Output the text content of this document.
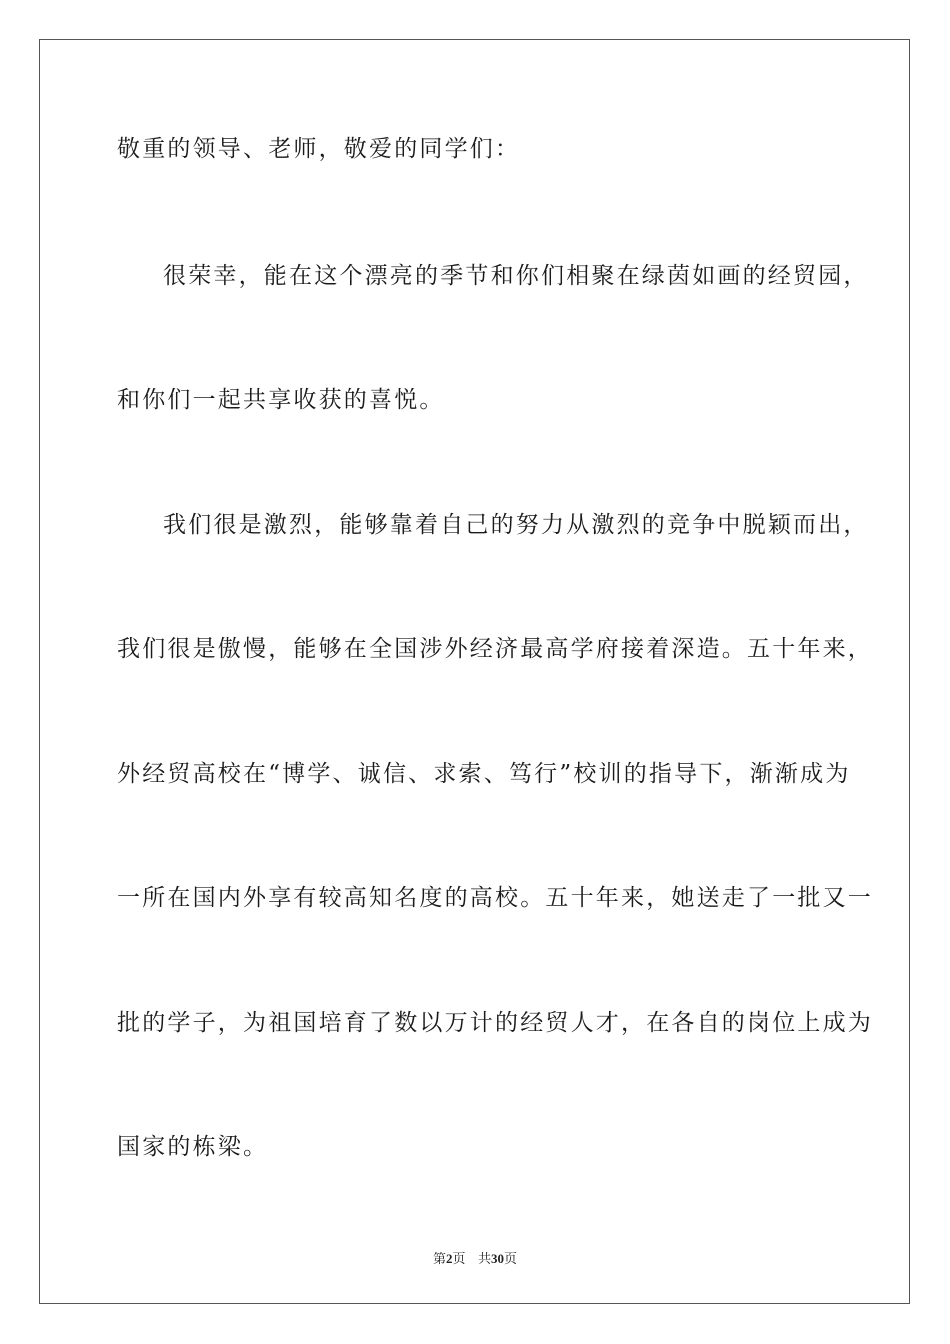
敬重的领导、老师，敬爱的同学们：
很荣幸，能在这个漂亮的季节和你们相聚在绿茵如画的经贸园，
和你们一起共享收获的喜悦。
我们很是激烈，能够靠着自己的努力从激烈的竞争中脱颖而出，
我们很是傲慢，能够在全国涉外经济最高学府接着深造。五十年来，
外经贸高校在“博学、诚信、求索、笃行”校训的指导下，渐渐成为
一所在国内外享有较高知名度的高校。五十年来，她送走了一批又一
批的学子，为祖国培育了数以万计的经贸人才，在各自的岗位上成为
国家的栋梁。
第2页 共30页
